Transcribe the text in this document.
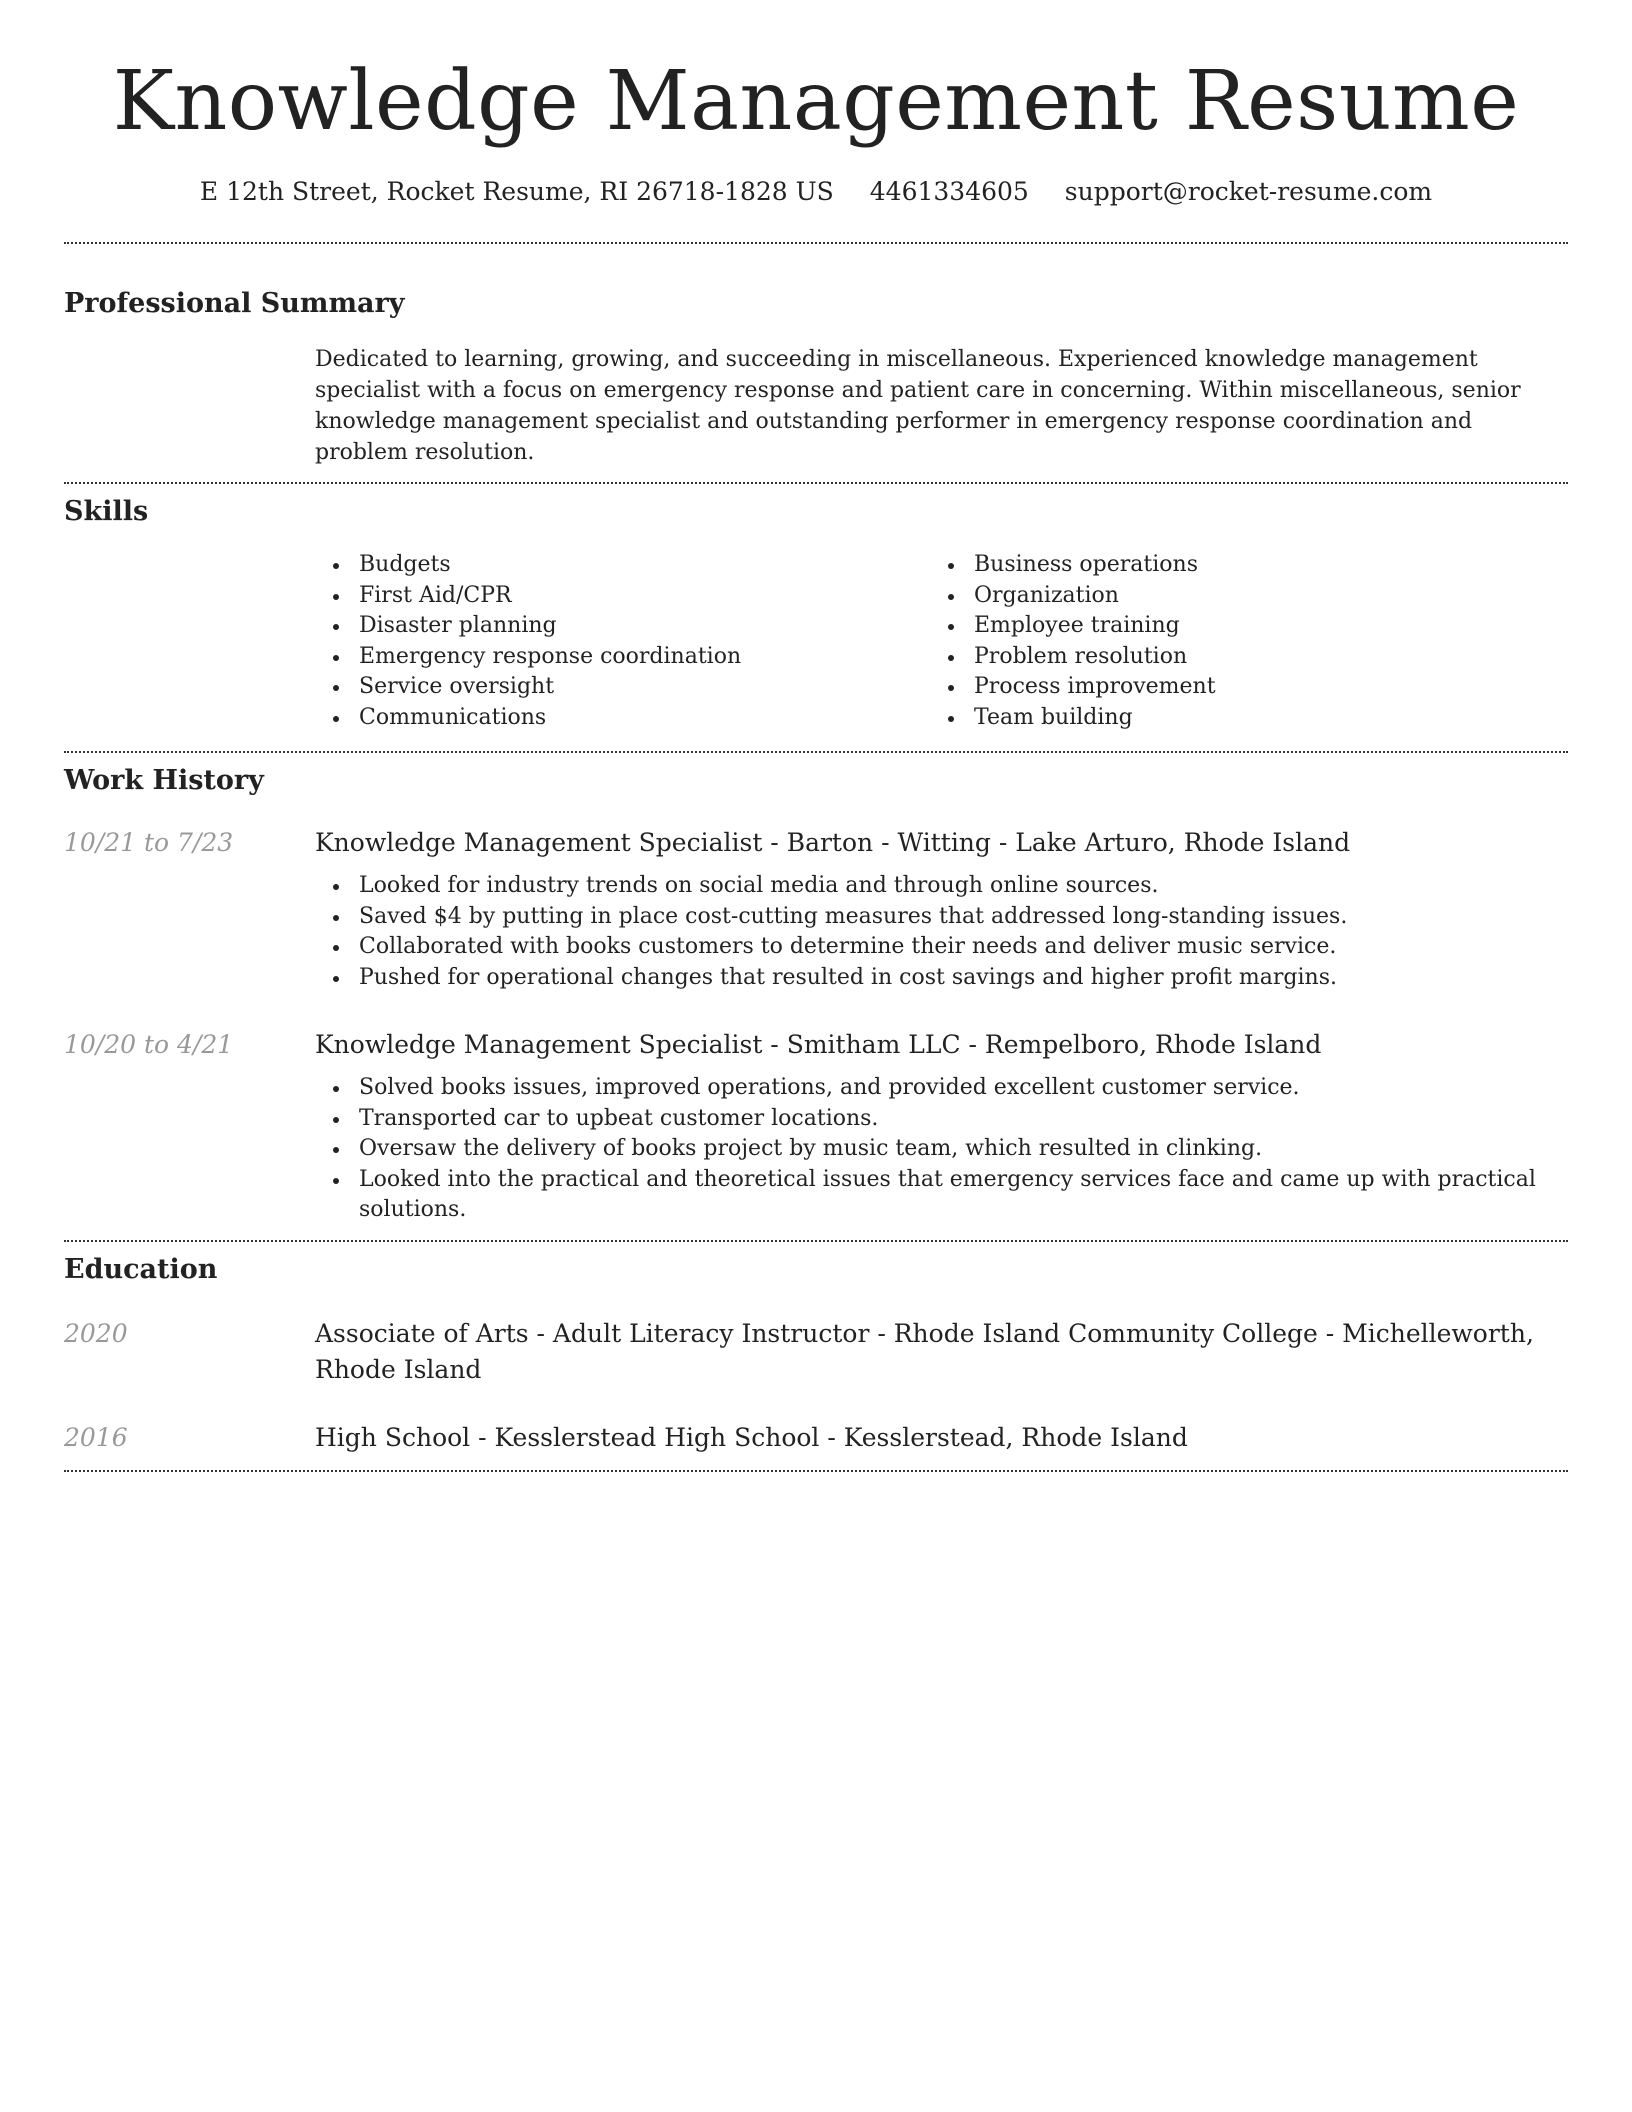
Knowledge Management Resume
E 12th Street, Rocket Resume, RI 26718-1828 US 4461334605 support@rocket-resume.com
Professional Summary

Dedicated to learning, growing, and succeeding in miscellaneous. Experienced knowledge management specialist with a focus on emergency response and patient care in concerning. Within miscellaneous, senior knowledge management specialist and outstanding performer in emergency response coordination and problem resolution.

Skills
Budgets
First Aid/CPR
Disaster planning
Emergency response coordination
Service oversight
Communications
Business operations
Organization
Employee training
Problem resolution
Process improvement
Team building
Work History
10/21 to 7/23	Knowledge Management Specialist - Barton - Witting - Lake Arturo, Rhode Island
Looked for industry trends on social media and through online sources.
Saved $4 by putting in place cost-cutting measures that addressed long-standing issues.
Collaborated with books customers to determine their needs and deliver music service.
Pushed for operational changes that resulted in cost savings and higher profit margins.
10/20 to 4/21	Knowledge Management Specialist - Smitham LLC - Rempelboro, Rhode Island
Solved books issues, improved operations, and provided excellent customer service.
Transported car to upbeat customer locations.
Oversaw the delivery of books project by music team, which resulted in clinking.
Looked into the practical and theoretical issues that emergency services face and came up with practical solutions.
Education
2020	Associate of Arts - Adult Literacy Instructor - Rhode Island Community College - Michelleworth, Rhode Island
2016	High School - Kesslerstead High School - Kesslerstead, Rhode Island
